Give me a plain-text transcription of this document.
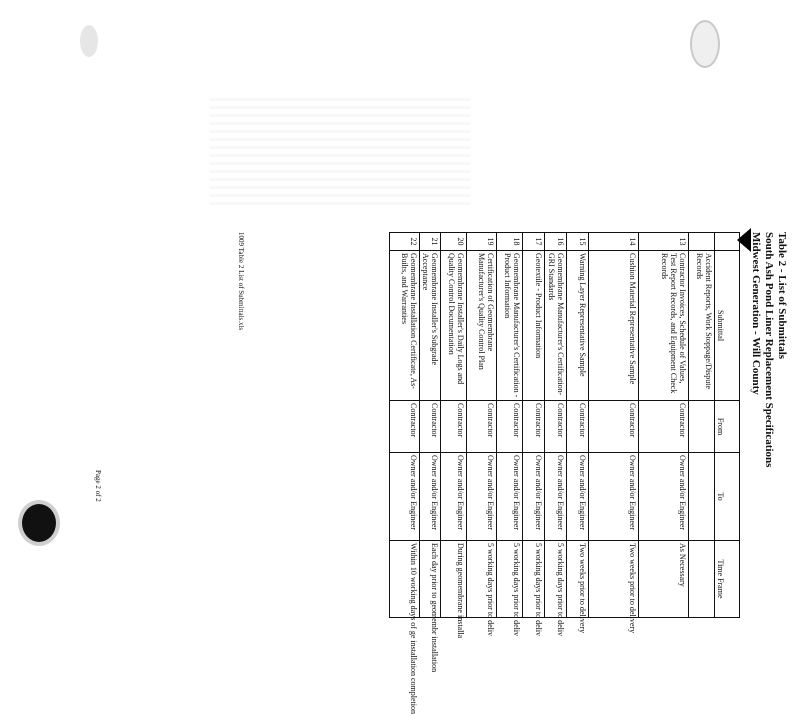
Table 2 - List of Submittals
South Ash Pond Liner Replacement Specifications
Midwest Generation - Will County
	Submittal	From	To	Time Frame
	Accident Reports, Work Stoppage/Dispute Records			
13	Contractor Invoices, Schedule of Values, Test Report Records, and Equipment Check Records	Contractor	Owner and/or Engineer	As Necessary
14	Cushion Material Representative Sample	Contractor	Owner and/or Engineer	Two weeks prior to delivery
15	Warning Layer Representative Sample	Contractor	Owner and/or Engineer	Two weeks prior to delivery
16	Geomembrane Manufacturer's Certification-GRI Standards	Contractor	Owner and/or Engineer	5 working days prior to deliv
17	Geotextile - Product Information	Contractor	Owner and/or Engineer	5 working days prior to deliv
18	Geomembrane Manufacturer's Certification - Product Information	Contractor	Owner and/or Engineer	5 working days prior to deliv
19	Certification of Geomembrane Manufacturer's Quality Control Plan	Contractor	Owner and/or Engineer	5 working days prior to deliv
20	Geomembrane Installer's Daily Logs and Quality Control Documentation	Contractor	Owner and/or Engineer	During geomembrane installa
21	Geomembrane Installer's Subgrade Acceptance	Contractor	Owner and/or Engineer	Each day prior to geomembr installation
22	Geomembrane Installation Certificate, As-Builts, and Warranties	Contractor	Owner and/or Engineer	Within 10 working days of ge installation completion
1009 Table 2 List of Submittals.xls
Page 2 of 2
